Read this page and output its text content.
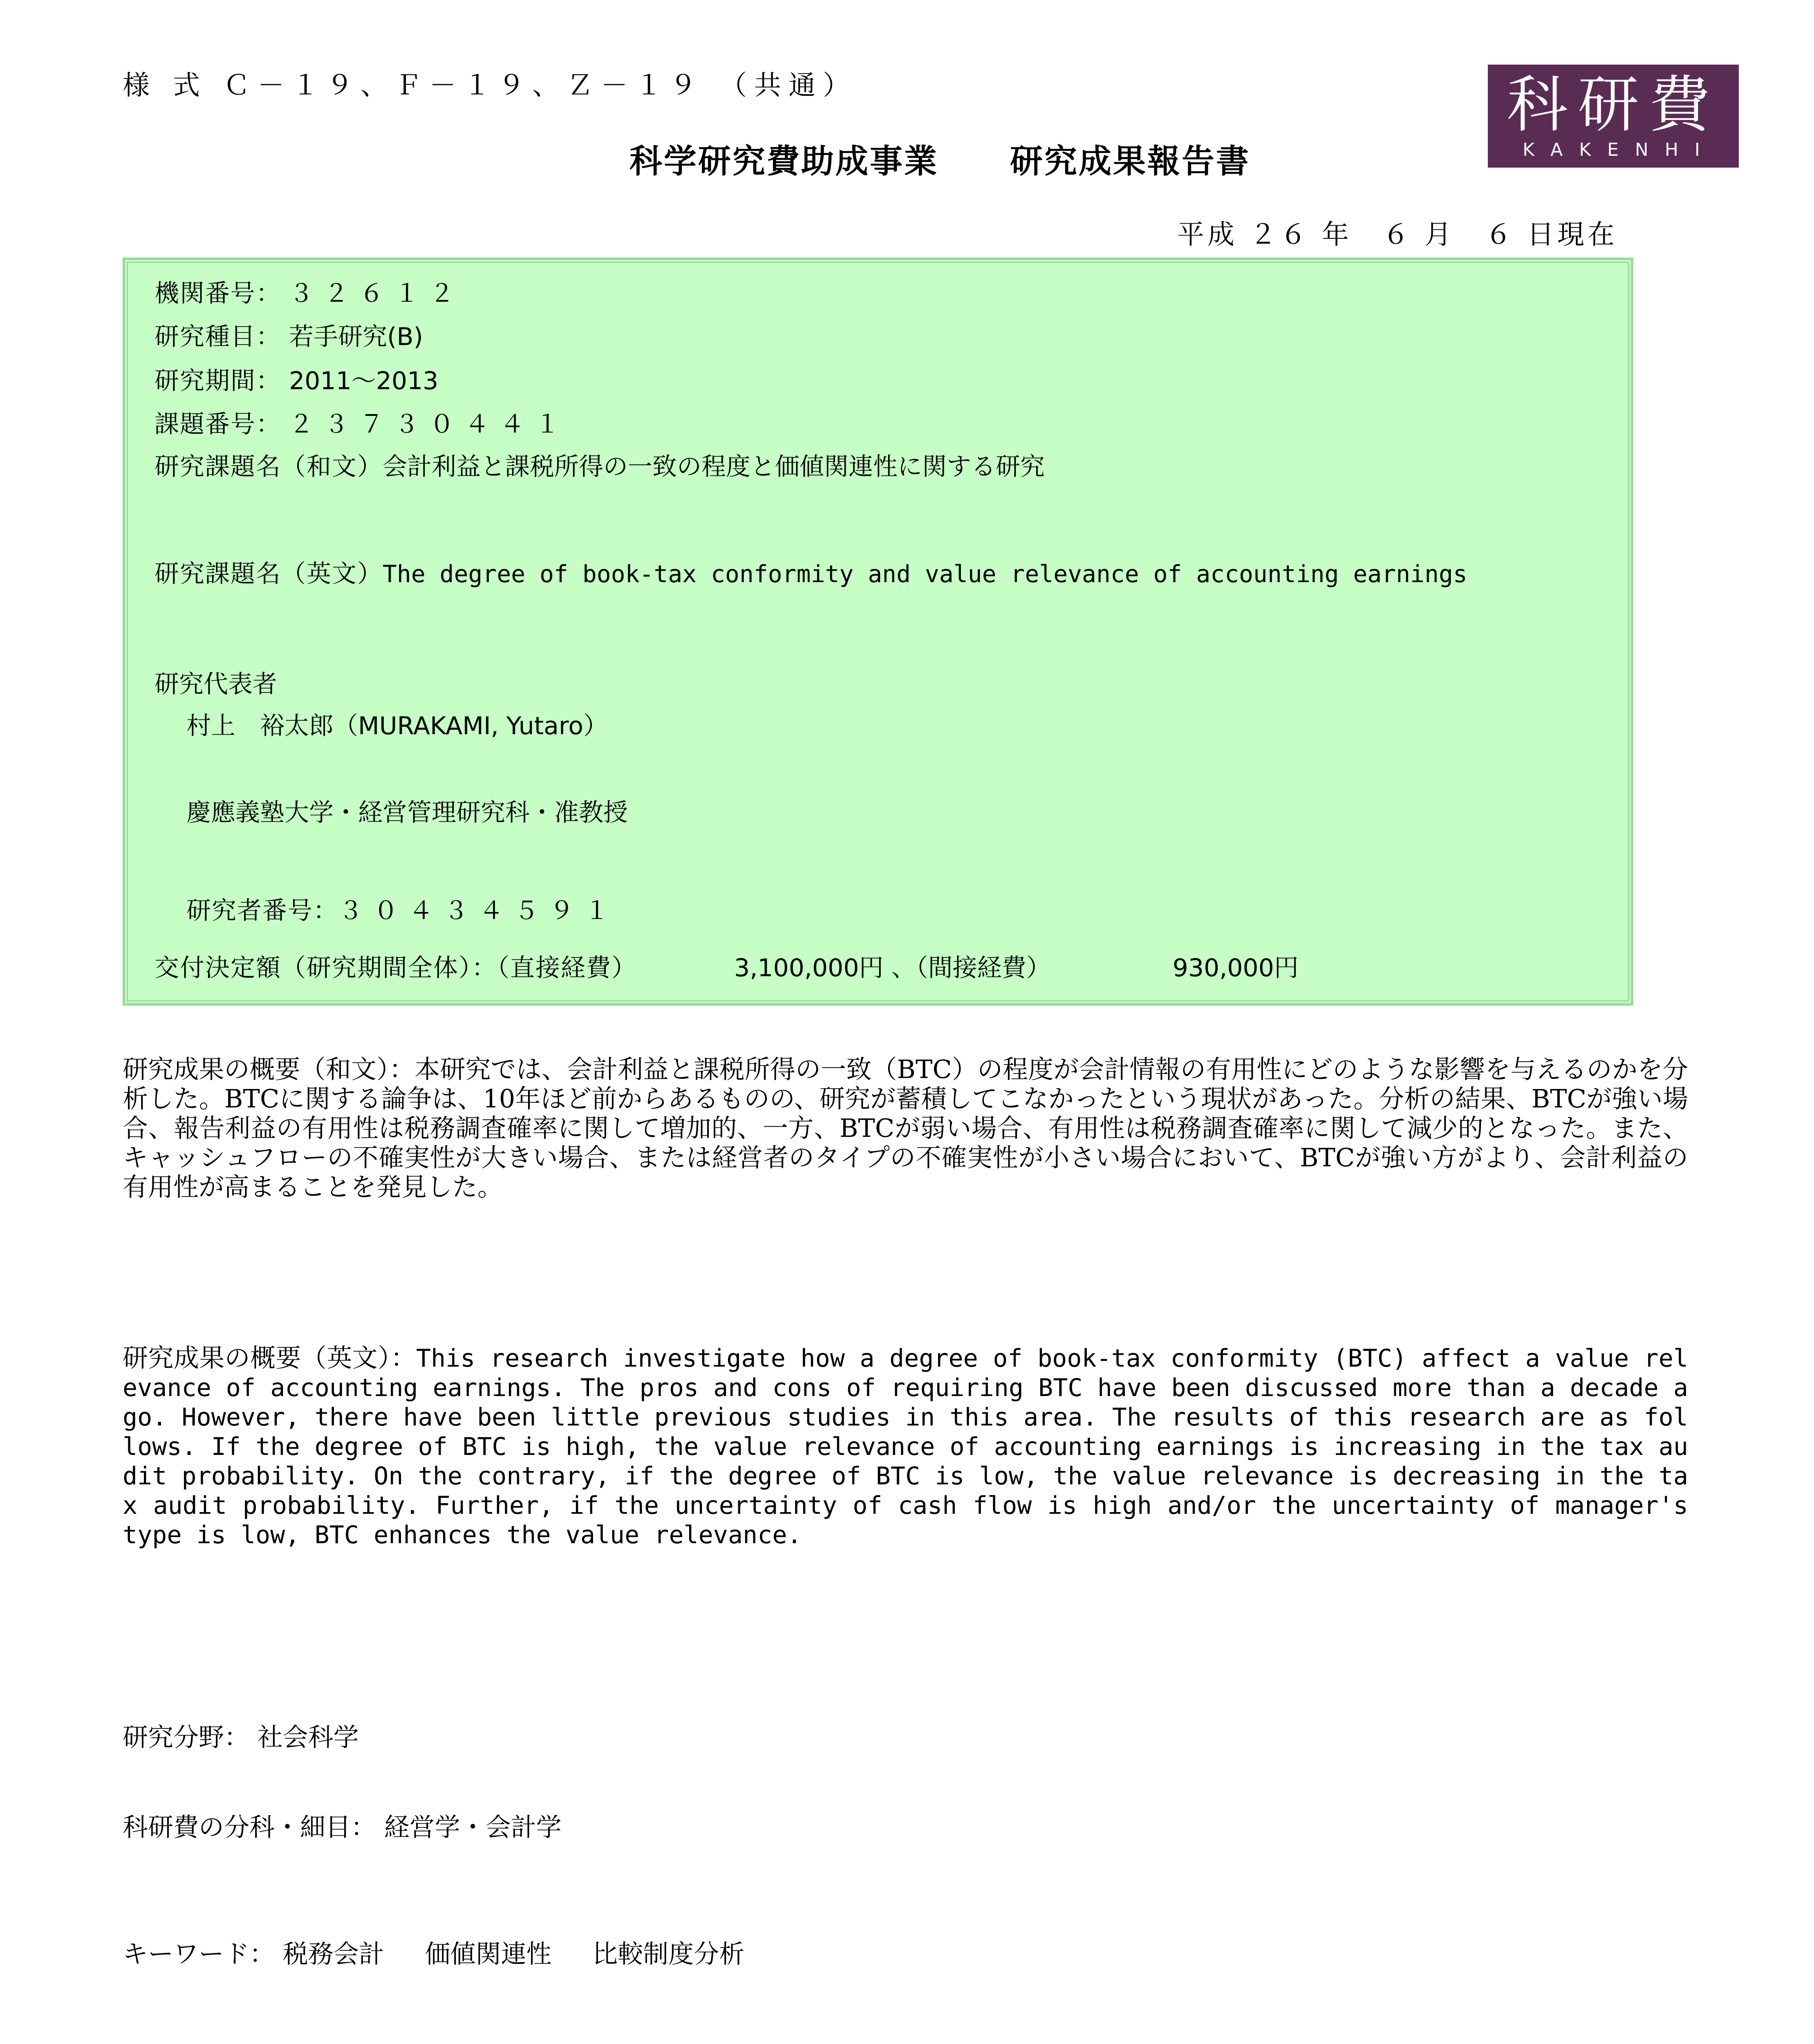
様 式 Ｃ－１９、Ｆ－１９、Ｚ－１９ （共通）
科学研究費助成事業 研究成果報告書
科研費
KAKENHI
平成 ２６ 年　６ 月　６ 日現在
機関番号： ３２６１２
研究種目： 若手研究(B)
研究期間： 2011～2013
課題番号： ２３７３０４４１
研究課題名（和文）会計利益と課税所得の一致の程度と価値関連性に関する研究
研究課題名（英文）The degree of book-tax conformity and value relevance of accounting earnings
研究代表者
村上　裕太郎（MURAKAMI, Yutaro）
慶應義塾大学・経営管理研究科・准教授
研究者番号：３０４３４５９１
交付決定額（研究期間全体）：（直接経費）	3,100,000円 、（間接経費）	930,000円
研究成果の概要（和文）：本研究では、会計利益と課税所得の一致（BTC）の程度が会計情報の有用性にどのような影響を与えるのかを分析した。BTCに関する論争は、10年ほど前からあるものの、研究が蓄積してこなかったという現状があった。分析の結果、BTCが強い場合、報告利益の有用性は税務調査確率に関して増加的、一方、BTCが弱い場合、有用性は税務調査確率に関して減少的となった。また、キャッシュフローの不確実性が大きい場合、または経営者のタイプの不確実性が小さい場合において、BTCが強い方がより、会計利益の有用性が高まることを発見した。
研究成果の概要（英文）：This research investigate how a degree of book-tax conformity (BTC) affect a value relevance of accounting earnings. The pros and cons of requiring BTC have been discussed more than a decade ago. However, there have been little previous studies in this area. The results of this research are as follows. If the degree of BTC is high, the value relevance of accounting earnings is increasing in the tax audit probability. On the contrary, if the degree of BTC is low, the value relevance is decreasing in the tax audit probability. Further, if the uncertainty of cash flow is high and/or the uncertainty of manager's type is low, BTC enhances the value relevance.
研究分野： 社会科学
科研費の分科・細目： 経営学・会計学
キーワード： 税務会計 価値関連性 比較制度分析
